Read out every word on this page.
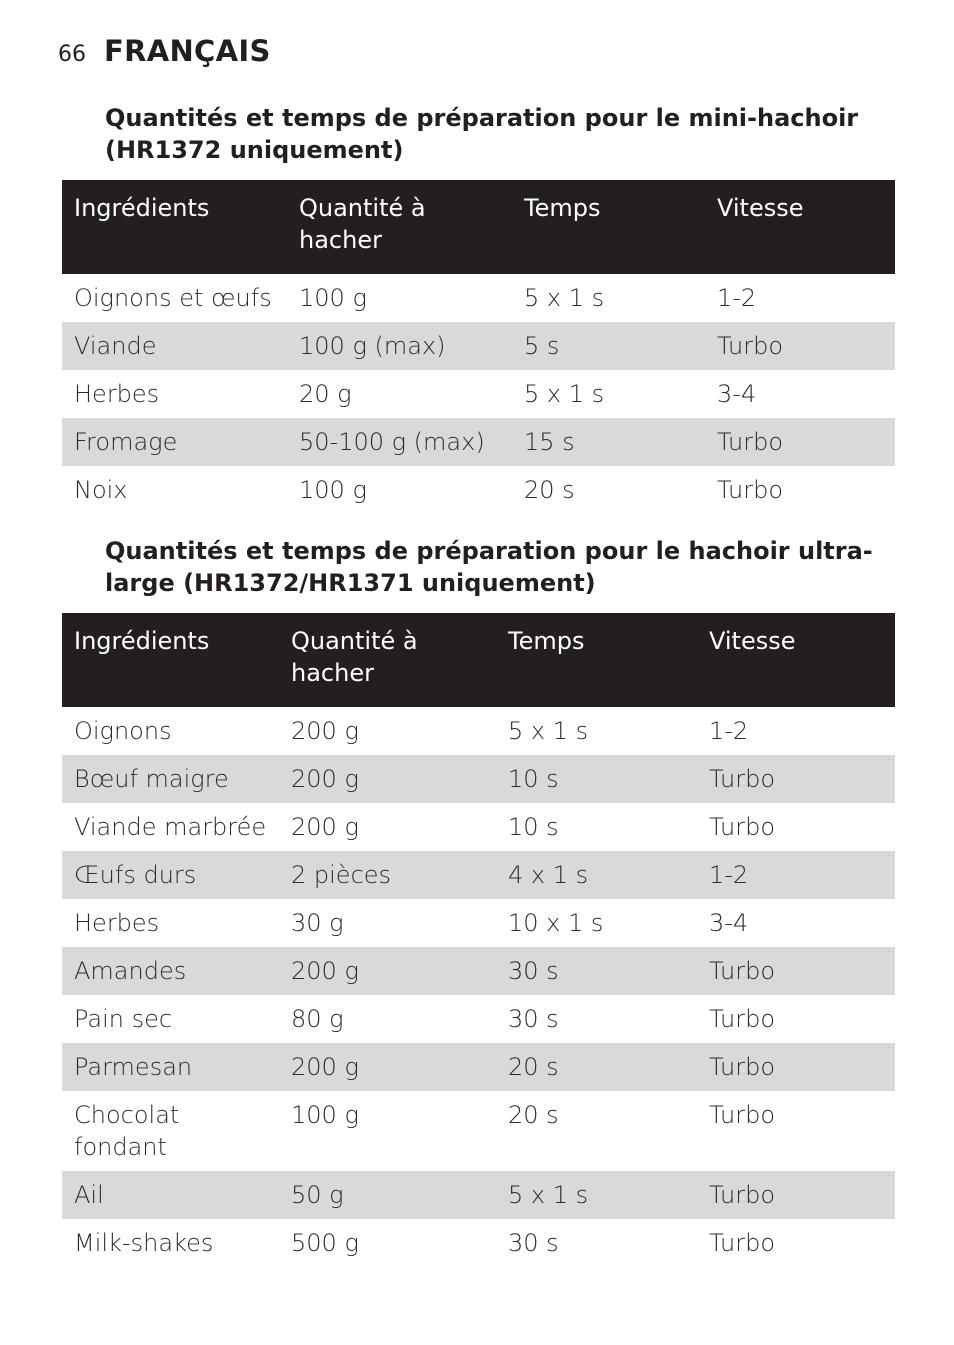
66 FRANÇAIS
Quantités et temps de préparation pour le mini-hachoir (HR1372 uniquement)
Ingrédients	Quantité à hacher	Temps	Vitesse
Oignons et œufs	100 g	5 x 1 s	1-2
Viande	100 g (max)	5 s	Turbo
Herbes	20 g	5 x 1 s	3-4
Fromage	50-100 g (max)	15 s	Turbo
Noix	100 g	20 s	Turbo
Quantités et temps de préparation pour le hachoir ultra-large (HR1372/HR1371 uniquement)
Ingrédients	Quantité à hacher	Temps	Vitesse
Oignons	200 g	5 x 1 s	1-2
Bœuf maigre	200 g	10 s	Turbo
Viande marbrée	200 g	10 s	Turbo
Œufs durs	2 pièces	4 x 1 s	1-2
Herbes	30 g	10 x 1 s	3-4
Amandes	200 g	30 s	Turbo
Pain sec	80 g	30 s	Turbo
Parmesan	200 g	20 s	Turbo
Chocolat fondant	100 g	20 s	Turbo
Ail	50 g	5 x 1 s	Turbo
Milk-shakes	500 g	30 s	Turbo
